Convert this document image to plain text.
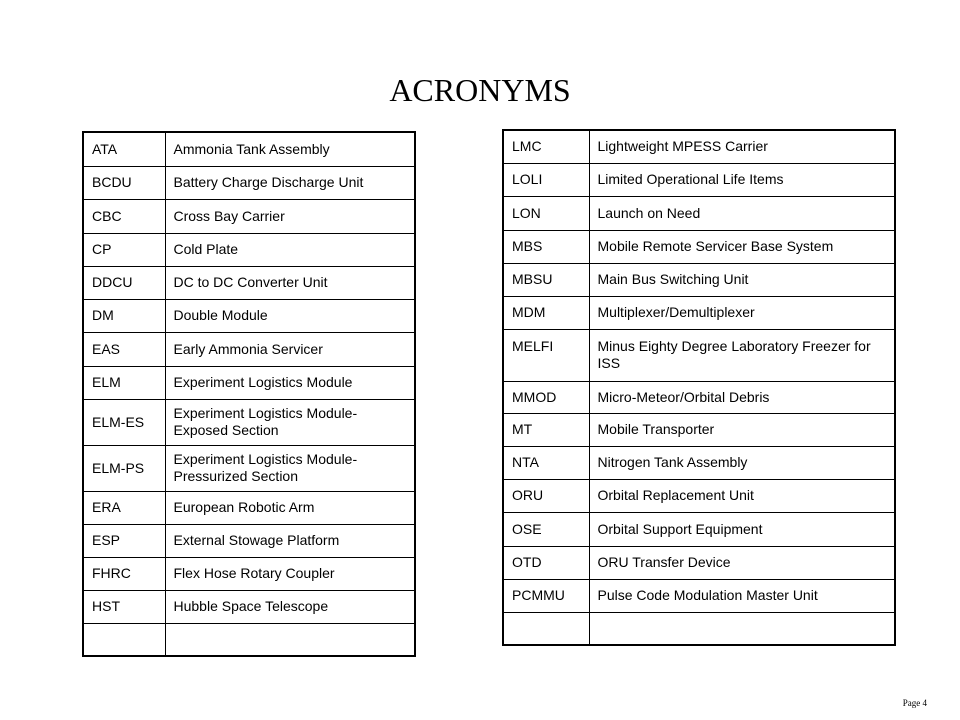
ACRONYMS
ATA	Ammonia Tank Assembly
BCDU	Battery Charge Discharge Unit
CBC	Cross Bay Carrier
CP	Cold Plate
DDCU	DC to DC Converter Unit
DM	Double Module
EAS	Early Ammonia Servicer
ELM	Experiment Logistics Module
ELM-ES	Experiment Logistics Module-Exposed Section
ELM-PS	Experiment Logistics Module-Pressurized Section
ERA	European Robotic Arm
ESP	External Stowage Platform
FHRC	Flex Hose Rotary Coupler
HST	Hubble Space Telescope

LMC	Lightweight MPESS Carrier
LOLI	Limited Operational Life Items
LON	Launch on Need
MBS	Mobile Remote Servicer Base System
MBSU	Main Bus Switching Unit
MDM	Multiplexer/Demultiplexer
MELFI	Minus Eighty Degree Laboratory Freezer for ISS
MMOD	Micro-Meteor/Orbital Debris
MT	Mobile Transporter
NTA	Nitrogen Tank Assembly
ORU	Orbital Replacement Unit
OSE	Orbital Support Equipment
OTD	ORU Transfer Device
PCMMU	Pulse Code Modulation Master Unit

Page 4
